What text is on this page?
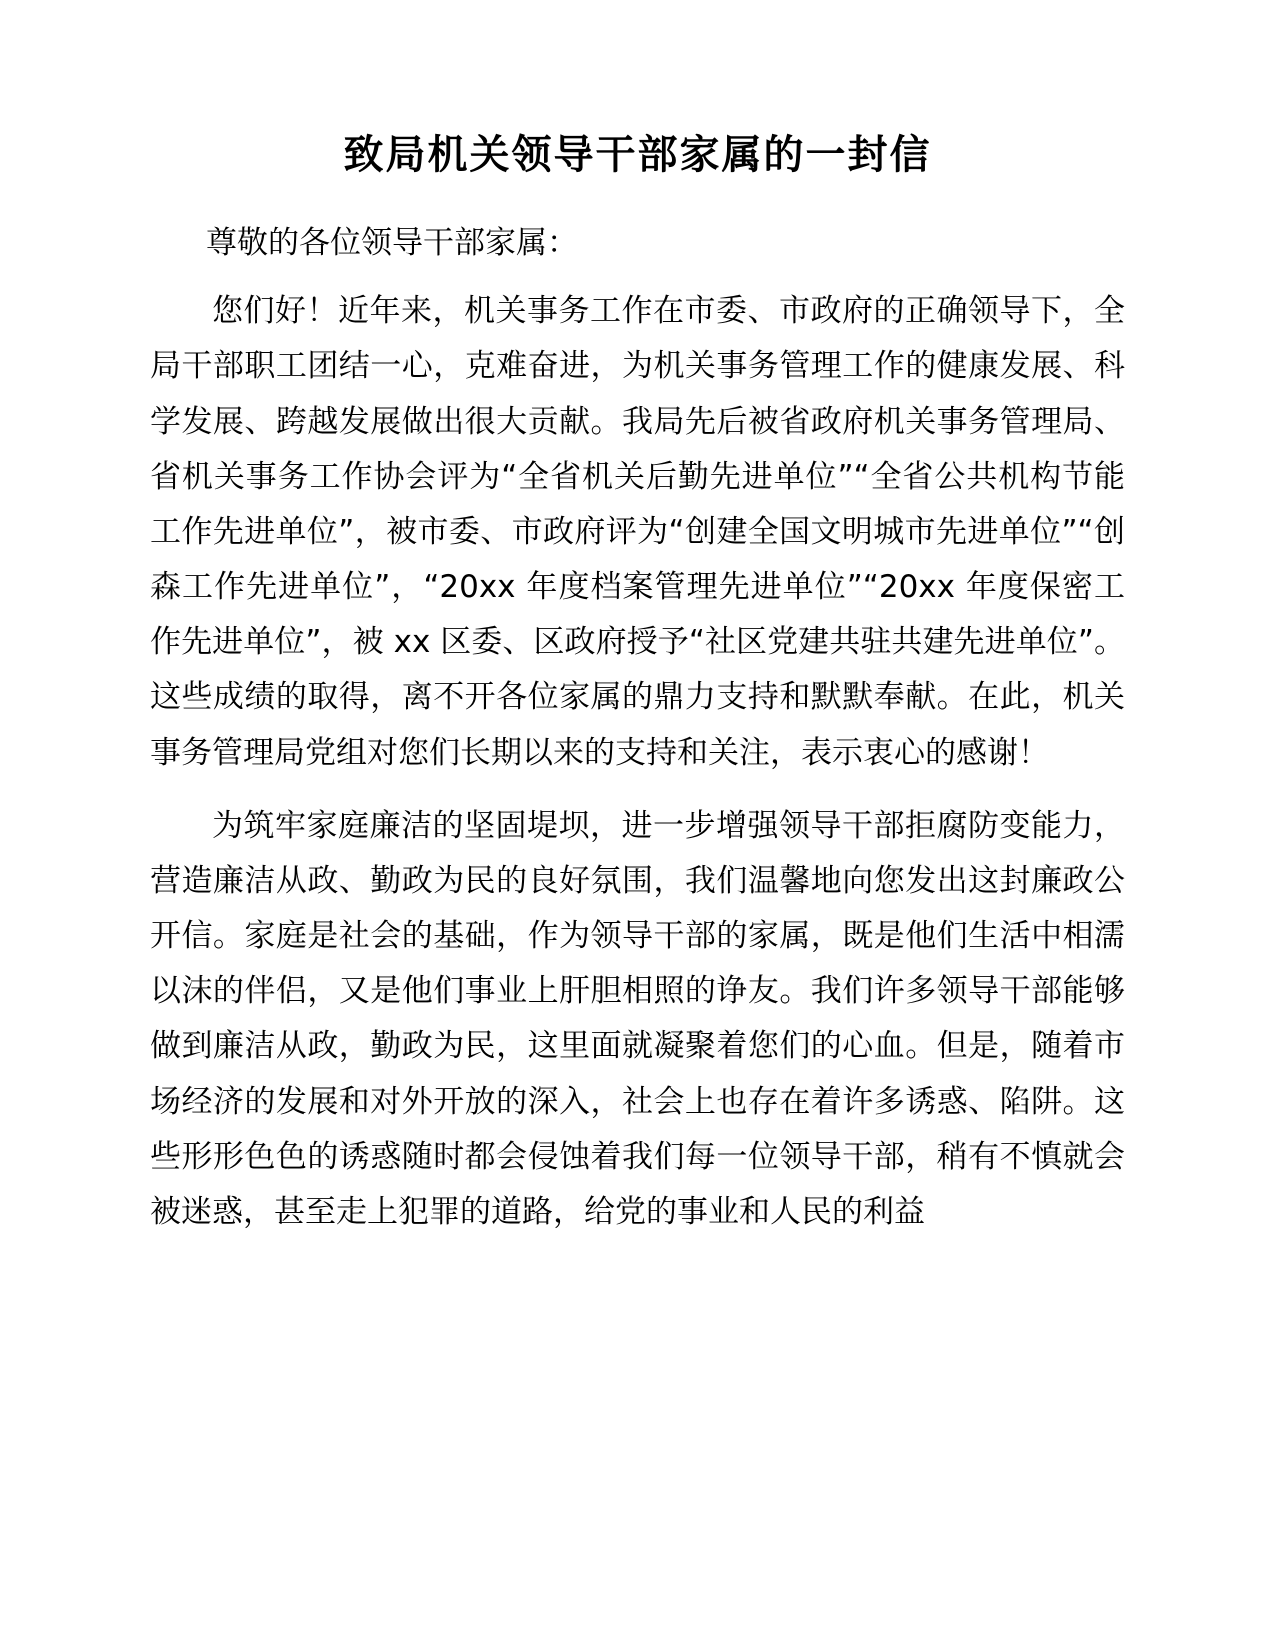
致局机关领导干部家属的一封信

尊敬的各位领导干部家属：

您们好！近年来，机关事务工作在市委、市政府的正确领导下，全局干部职工团结一心，克难奋进，为机关事务管理工作的健康发展、科学发展、跨越发展做出很大贡献。我局先后被省政府机关事务管理局、省机关事务工作协会评为“全省机关后勤先进单位”“全省公共机构节能工作先进单位”，被市委、市政府评为“创建全国文明城市先进单位”“创森工作先进单位”，“20xx 年度档案管理先进单位”“20xx 年度保密工作先进单位”，被 xx 区委、区政府授予“社区党建共驻共建先进单位”。这些成绩的取得，离不开各位家属的鼎力支持和默默奉献。在此，机关事务管理局党组对您们长期以来的支持和关注，表示衷心的感谢！

为筑牢家庭廉洁的坚固堤坝，进一步增强领导干部拒腐防变能力，营造廉洁从政、勤政为民的良好氛围，我们温馨地向您发出这封廉政公开信。家庭是社会的基础，作为领导干部的家属，既是他们生活中相濡以沫的伴侣，又是他们事业上肝胆相照的诤友。我们许多领导干部能够做到廉洁从政，勤政为民，这里面就凝聚着您们的心血。但是，随着市场经济的发展和对外开放的深入，社会上也存在着许多诱惑、陷阱。这些形形色色的诱惑随时都会侵蚀着我们每一位领导干部，稍有不慎就会被迷惑，甚至走上犯罪的道路，给党的事业和人民的利益
